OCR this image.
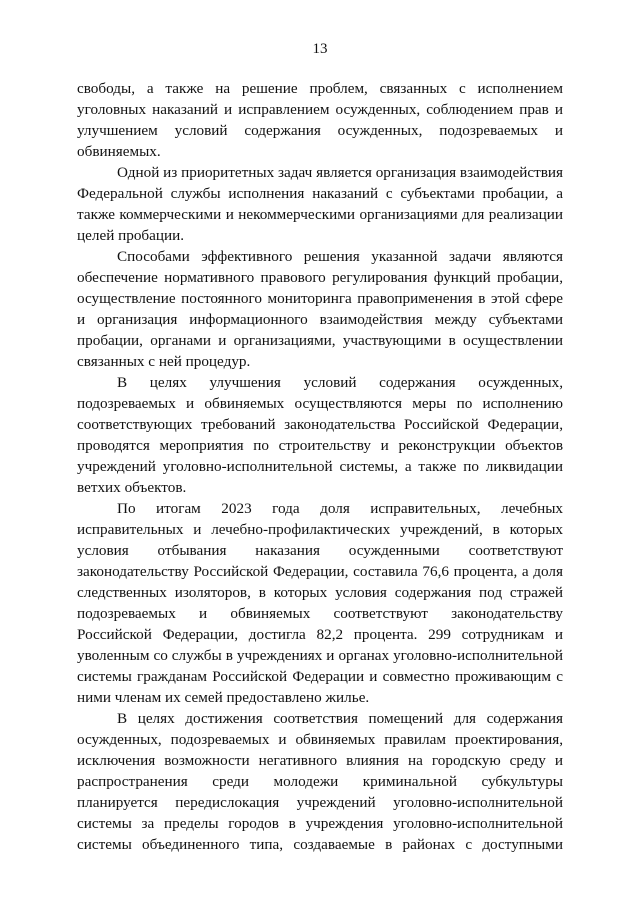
13

свободы, а также на решение проблем, связанных с исполнением уголовных наказаний и исправлением осужденных, соблюдением прав и улучшением условий содержания осужденных, подозреваемых и обвиняемых.

Одной из приоритетных задач является организация взаимодействия Федеральной службы исполнения наказаний с субъектами пробации, а также коммерческими и некоммерческими организациями для реализации целей пробации.

Способами эффективного решения указанной задачи являются обеспечение нормативного правового регулирования функций пробации, осуществление постоянного мониторинга правоприменения в этой сфере и организация информационного взаимодействия между субъектами пробации, органами и организациями, участвующими в осуществлении связанных с ней процедур.

В целях улучшения условий содержания осужденных, подозреваемых и обвиняемых осуществляются меры по исполнению соответствующих требований законодательства Российской Федерации, проводятся мероприятия по строительству и реконструкции объектов учреждений уголовно-исполнительной системы, а также по ликвидации ветхих объектов.

По итогам 2023 года доля исправительных, лечебных исправительных и лечебно-профилактических учреждений, в которых условия отбывания наказания осужденными соответствуют законодательству Российской Федерации, составила 76,6 процента, а доля следственных изоляторов, в которых условия содержания под стражей подозреваемых и обвиняемых соответствуют законодательству Российской Федерации, достигла 82,2 процента. 299 сотрудникам и уволенным со службы в учреждениях и органах уголовно-исполнительной системы гражданам Российской Федерации и совместно проживающим с ними членам их семей предоставлено жилье.

В целях достижения соответствия помещений для содержания осужденных, подозреваемых и обвиняемых правилам проектирования, исключения возможности негативного влияния на городскую среду и распространения среди молодежи криминальной субкультуры планируется передислокация учреждений уголовно-исполнительной системы за пределы городов в учреждения уголовно-исполнительной системы объединенного типа, создаваемые в районах с доступными
